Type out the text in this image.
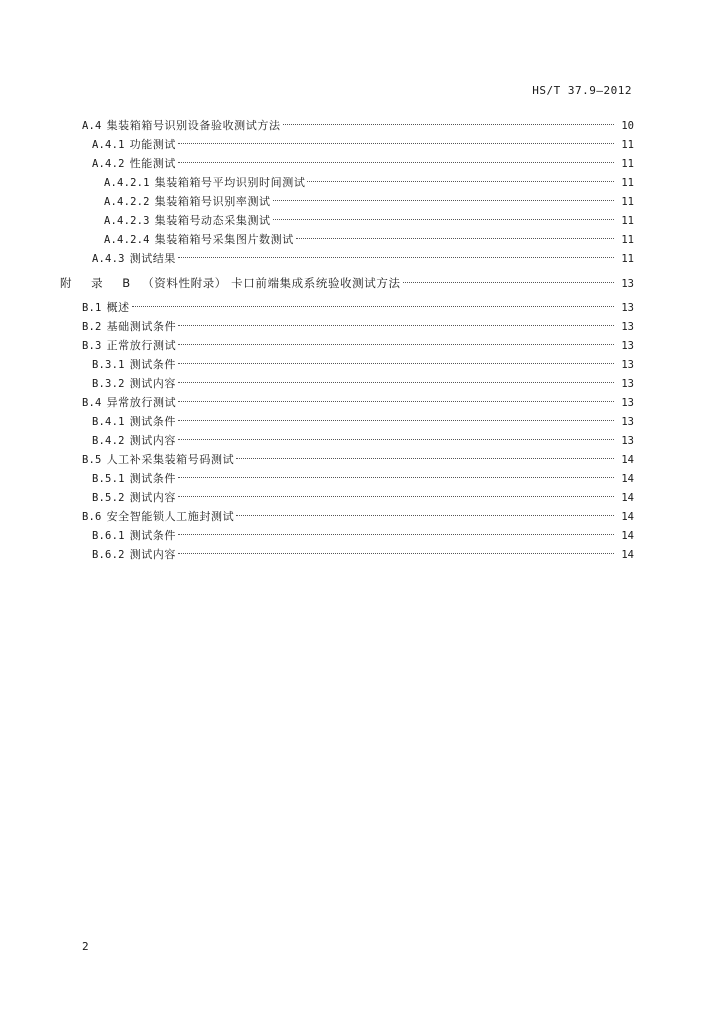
HS/T 37.9—2012
A.4 集装箱箱号识别设备验收测试方法	10
A.4.1 功能测试	11
A.4.2 性能测试	11
A.4.2.1 集装箱箱号平均识别时间测试	11
A.4.2.2 集装箱箱号识别率测试	11
A.4.2.3 集装箱号动态采集测试	11
A.4.2.4 集装箱箱号采集图片数测试	11
A.4.3 测试结果	11
附 录 B （资料性附录） 卡口前端集成系统验收测试方法	13
B.1 概述	13
B.2 基础测试条件	13
B.3 正常放行测试	13
B.3.1 测试条件	13
B.3.2 测试内容	13
B.4 异常放行测试	13
B.4.1 测试条件	13
B.4.2 测试内容	13
B.5 人工补采集装箱号码测试	14
B.5.1 测试条件	14
B.5.2 测试内容	14
B.6 安全智能锁人工施封测试	14
B.6.1 测试条件	14
B.6.2 测试内容	14
2
